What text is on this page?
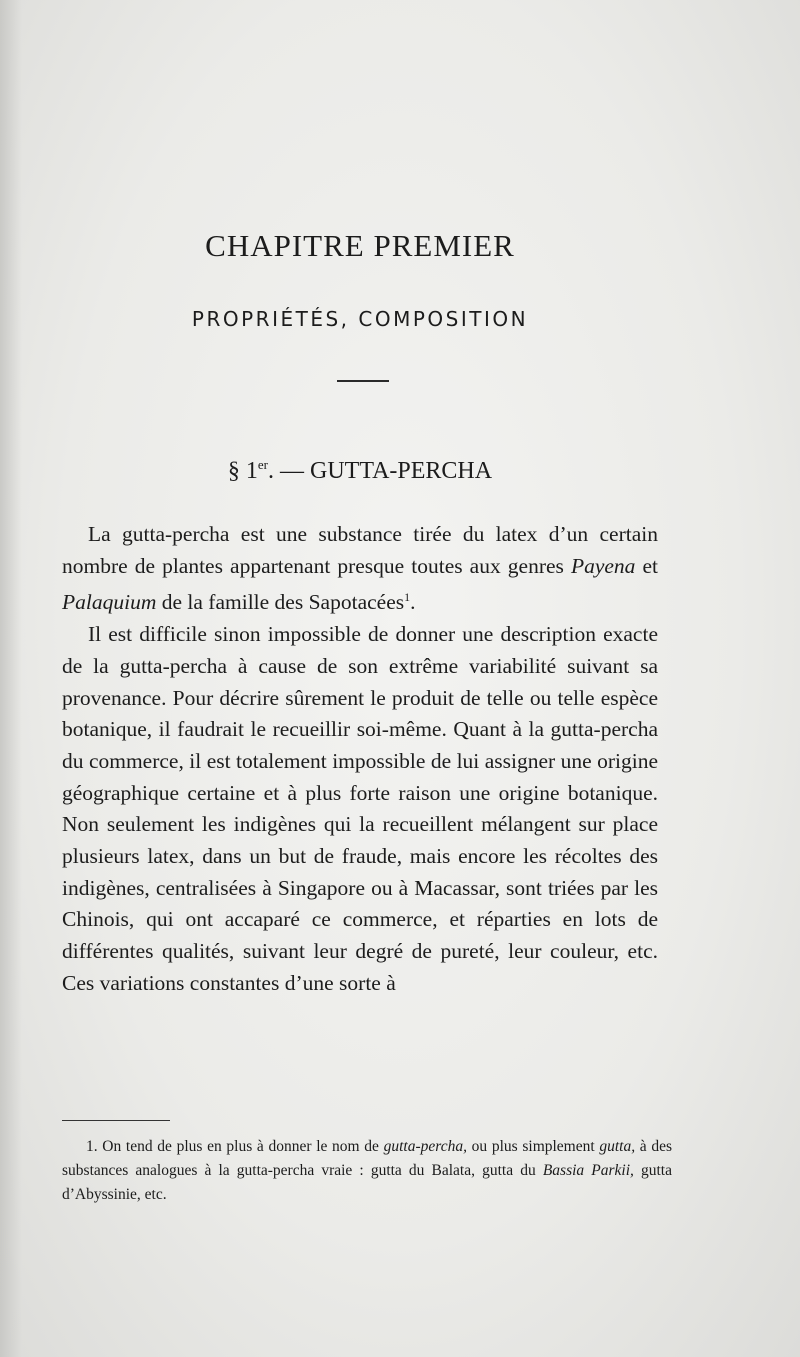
CHAPITRE PREMIER
PROPRIÉTÉS, COMPOSITION
§ 1er. — GUTTA-PERCHA

La gutta-percha est une substance tirée du latex d’un certain nombre de plantes appartenant presque toutes aux genres Payena et Palaquium de la famille des Sapotacées$^1$.

Il est difficile sinon impossible de donner une description exacte de la gutta-percha à cause de son extrême variabilité suivant sa provenance. Pour décrire sûrement le produit de telle ou telle espèce botanique, il faudrait le recueillir soi-même. Quant à la gutta-percha du commerce, il est totalement impossible de lui assigner une origine géographique certaine et à plus forte raison une origine botanique. Non seulement les indigènes qui la recueillent mélangent sur place plusieurs latex, dans un but de fraude, mais encore les récoltes des indigènes, centralisées à Singapore ou à Macassar, sont triées par les Chinois, qui ont accaparé ce commerce, et réparties en lots de différentes qualités, suivant leur degré de pureté, leur couleur, etc. Ces variations constantes d’une sorte à

1. On tend de plus en plus à donner le nom de gutta-percha, ou plus simplement gutta, à des substances analogues à la gutta-percha vraie : gutta du Balata, gutta du Bassia Parkii, gutta d’Abyssinie, etc.
